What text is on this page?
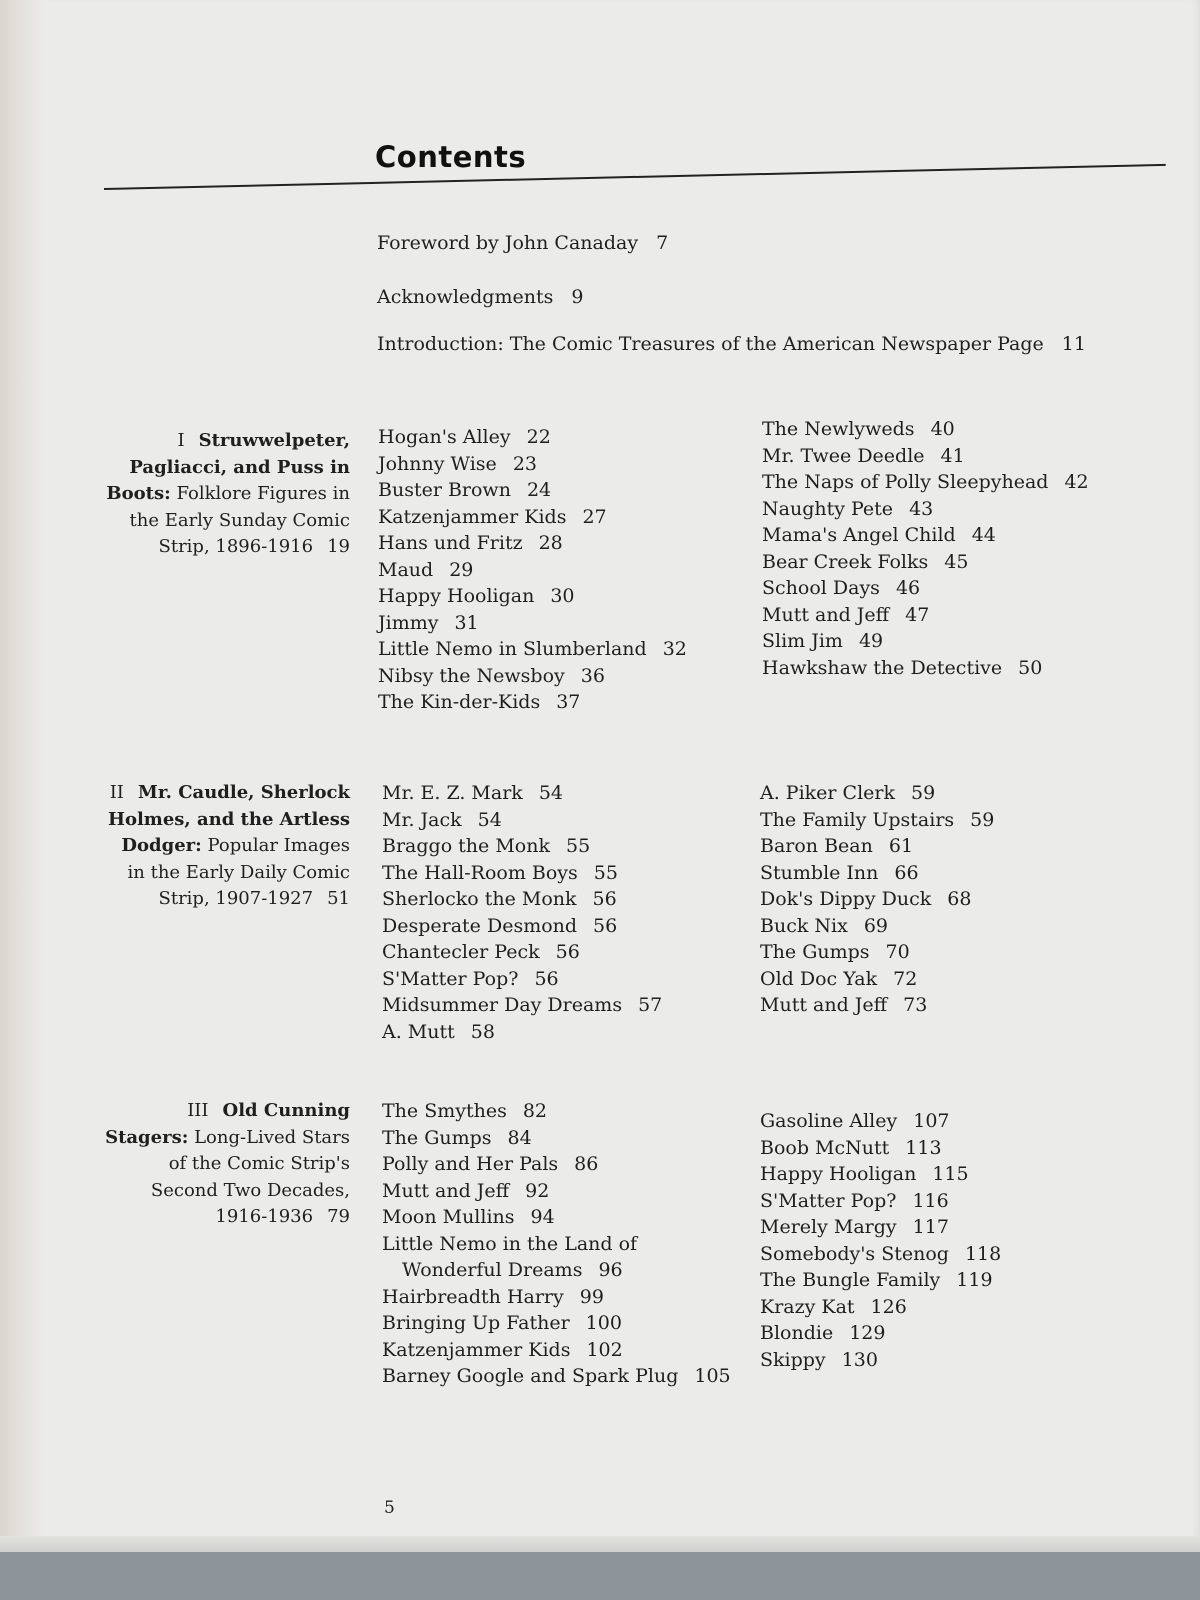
Contents
Foreword by John Canaday 7
Acknowledgments 9
Introduction: The Comic Treasures of the American Newspaper Page 11
I Struwwelpeter, Pagliacci, and Puss in Boots: Folklore Figures in the Early Sunday Comic Strip, 1896-1916 19
Hogan's Alley 22
Johnny Wise 23
Buster Brown 24
Katzenjammer Kids 27
Hans und Fritz 28
Maud 29
Happy Hooligan 30
Jimmy 31
Little Nemo in Slumberland 32
Nibsy the Newsboy 36
The Kin-der-Kids 37
The Newlyweds 40
Mr. Twee Deedle 41
The Naps of Polly Sleepyhead 42
Naughty Pete 43
Mama's Angel Child 44
Bear Creek Folks 45
School Days 46
Mutt and Jeff 47
Slim Jim 49
Hawkshaw the Detective 50
II Mr. Caudle, Sherlock Holmes, and the Artless Dodger: Popular Images in the Early Daily Comic Strip, 1907-1927 51
Mr. E. Z. Mark 54
Mr. Jack 54
Braggo the Monk 55
The Hall-Room Boys 55
Sherlocko the Monk 56
Desperate Desmond 56
Chantecler Peck 56
S'Matter Pop? 56
Midsummer Day Dreams 57
A. Mutt 58
A. Piker Clerk 59
The Family Upstairs 59
Baron Bean 61
Stumble Inn 66
Dok's Dippy Duck 68
Buck Nix 69
The Gumps 70
Old Doc Yak 72
Mutt and Jeff 73
III Old Cunning Stagers: Long-Lived Stars of the Comic Strip's Second Two Decades, 1916-1936 79
The Smythes 82
The Gumps 84
Polly and Her Pals 86
Mutt and Jeff 92
Moon Mullins 94
Little Nemo in the Land of
Wonderful Dreams 96
Hairbreadth Harry 99
Bringing Up Father 100
Katzenjammer Kids 102
Barney Google and Spark Plug 105
Gasoline Alley 107
Boob McNutt 113
Happy Hooligan 115
S'Matter Pop? 116
Merely Margy 117
Somebody's Stenog 118
The Bungle Family 119
Krazy Kat 126
Blondie 129
Skippy 130
5
